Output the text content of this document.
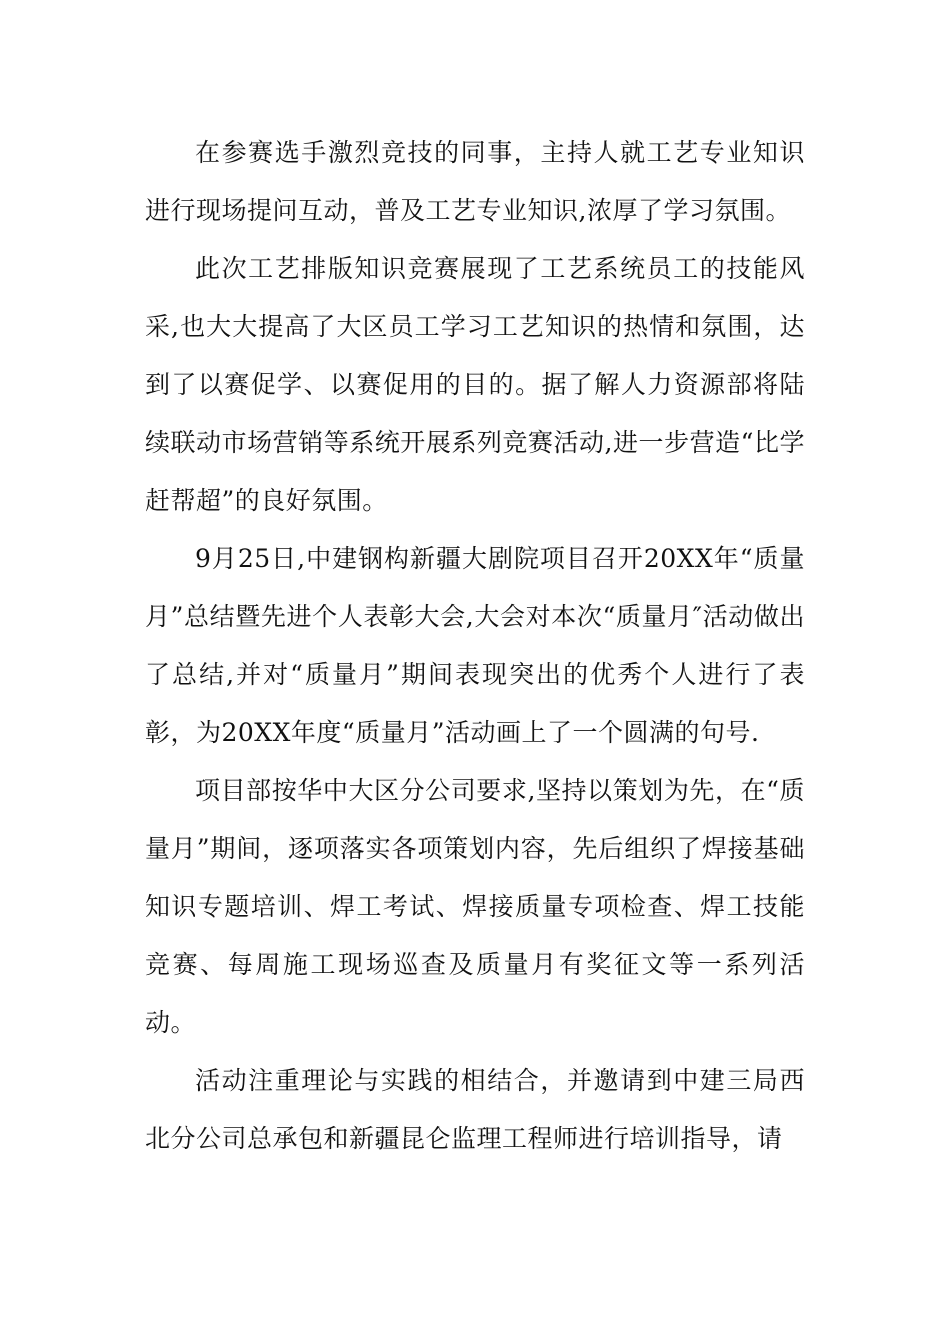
在参赛选手激烈竞技的同事，主持人就工艺专业知识进行现场提问互动，普及工艺专业知识,浓厚了学习氛围。

此次工艺排版知识竞赛展现了工艺系统员工的技能风采,也大大提高了大区员工学习工艺知识的热情和氛围，达到了以赛促学、以赛促用的目的。据了解人力资源部将陆续联动市场营销等系统开展系列竞赛活动,进一步营造“比学赶帮超”的良好氛围。

9月25日,中建钢构新疆大剧院项目召开20XX年“质量月”总结暨先进个人表彰大会,大会对本次“质量月″活动做出了总结,并对“质量月”期间表现突出的优秀个人进行了表彰，为20XX年度“质量月”活动画上了一个圆满的句号.

项目部按华中大区分公司要求,坚持以策划为先，在“质量月”期间，逐项落实各项策划内容，先后组织了焊接基础知识专题培训、焊工考试、焊接质量专项检查、焊工技能竞赛、每周施工现场巡查及质量月有奖征文等一系列活动。

活动注重理论与实践的相结合，并邀请到中建三局西北分公司总承包和新疆昆仑监理工程师进行培训指导，请
